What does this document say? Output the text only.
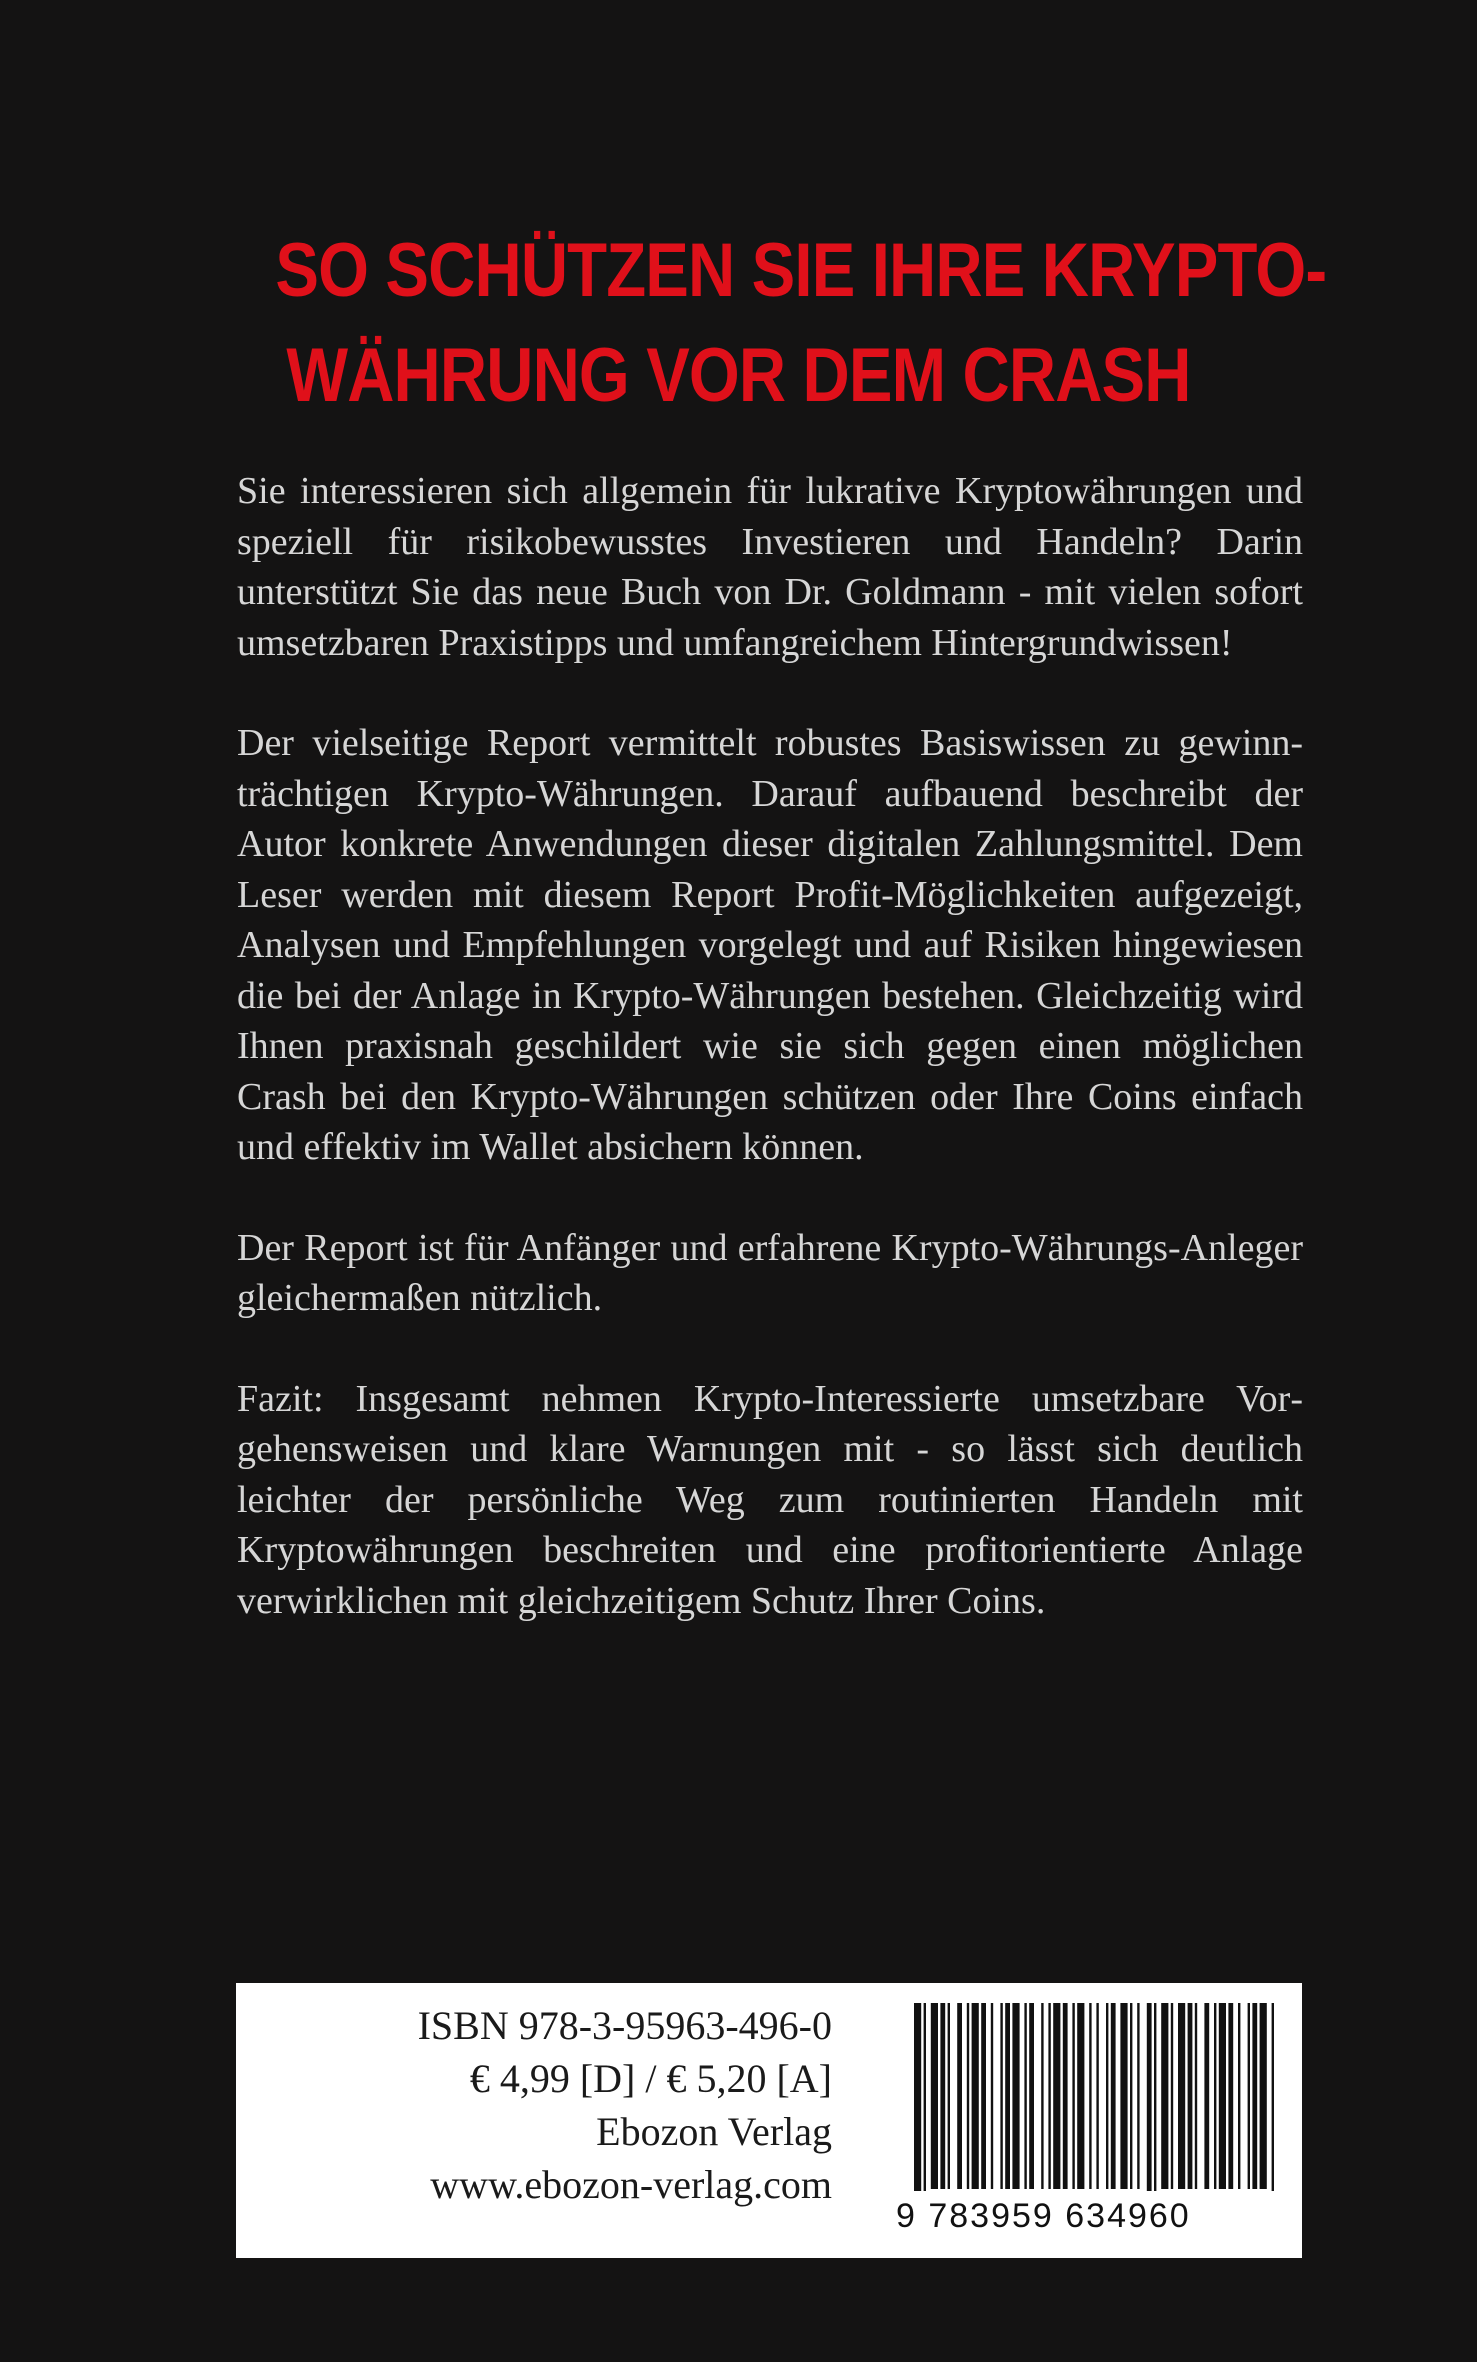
SO SCHÜTZEN SIE IHRE KRYPTO-
WÄHRUNG VOR DEM CRASH

Sie interessieren sich allgemein für lukrative Kryptowährungen und speziell für risikobewusstes Investieren und Handeln? Darin unterstützt Sie das neue Buch von Dr. Goldmann - mit vielen sofort umsetzbaren Praxistipps und umfangreichem Hintergrundwissen!

Der vielseitige Report vermittelt robustes Basiswissen zu gewinnträchtigen Krypto-Währungen. Darauf aufbauend beschreibt der Autor konkrete Anwendungen dieser digitalen Zahlungsmittel. Dem Leser werden mit diesem Report Profit-Möglichkeiten aufgezeigt, Analysen und Empfehlungen vorgelegt und auf Risiken hingewiesen die bei der Anlage in Krypto-Währungen bestehen. Gleichzeitig wird Ihnen praxisnah geschildert wie sie sich gegen einen möglichen Crash bei den Krypto-Währungen schützen oder Ihre Coins einfach und effektiv im Wallet absichern können.

Der Report ist für Anfänger und erfahrene Krypto-Währungs-Anleger gleichermaßen nützlich.

Fazit: Insgesamt nehmen Krypto-Interessierte umsetzbare Vorgehensweisen und klare Warnungen mit - so lässt sich deutlich leichter der persönliche Weg zum routinierten Handeln mit Kryptowährungen beschreiten und eine profitorientierte Anlage verwirklichen mit gleichzeitigem Schutz Ihrer Coins.

ISBN 978-3-95963-496-0
€ 4,99 [D] / € 5,20 [A]
Ebozon Verlag
www.ebozon-verlag.com
9 783959 634960
